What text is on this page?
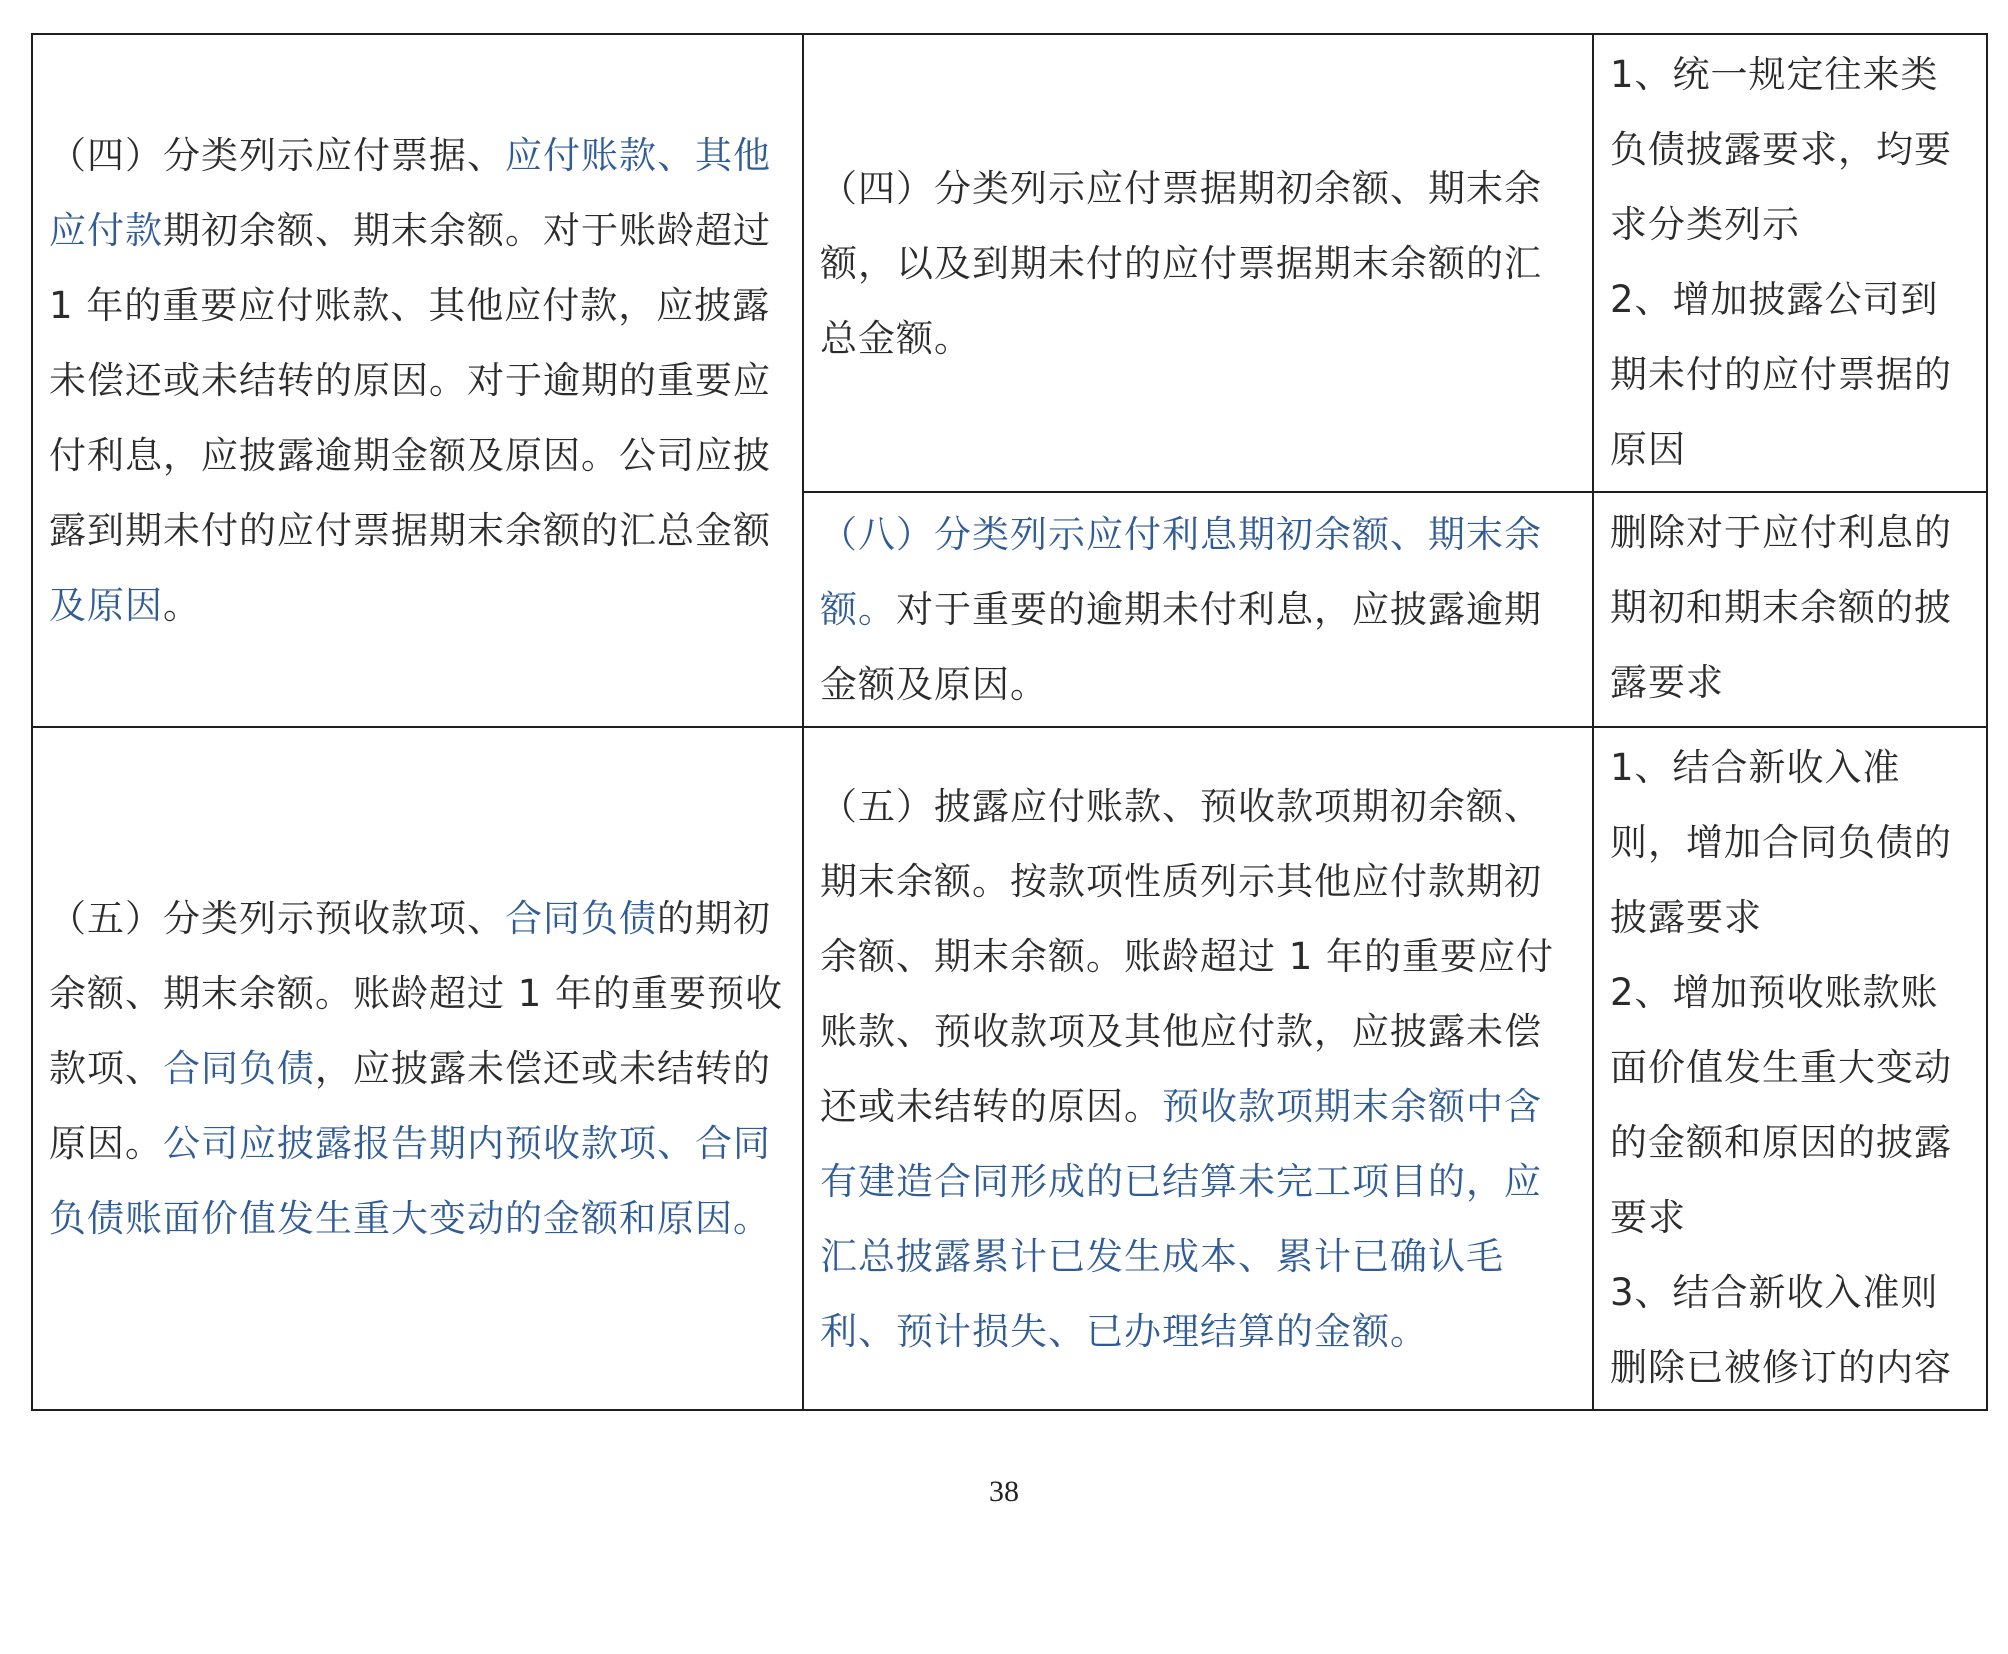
（四）分类列示应付票据、应付账款、其他应付款期初余额、期末余额。对于账龄超过 1 年的重要应付账款、其他应付款，应披露未偿还或未结转的原因。对于逾期的重要应付利息，应披露逾期金额及原因。公司应披露到期未付的应付票据期末余额的汇总金额及原因。	（四）分类列示应付票据期初余额、期末余额，以及到期未付的应付票据期末余额的汇总金额。	1、统一规定往来类负债披露要求，均要求分类列示
2、增加披露公司到期未付的应付票据的原因

	（八）分类列示应付利息期初余额、期末余额。对于重要的逾期未付利息，应披露逾期金额及原因。	删除对于应付利息的期初和期末余额的披露要求

（五）分类列示预收款项、合同负债的期初余额、期末余额。账龄超过 1 年的重要预收款项、合同负债，应披露未偿还或未结转的原因。公司应披露报告期内预收款项、合同负债账面价值发生重大变动的金额和原因。	（五）披露应付账款、预收款项期初余额、期末余额。按款项性质列示其他应付款期初余额、期末余额。账龄超过 1 年的重要应付账款、预收款项及其他应付款，应披露未偿还或未结转的原因。预收款项期末余额中含有建造合同形成的已结算未完工项目的，应汇总披露累计已发生成本、累计已确认毛利、预计损失、已办理结算的金额。	1、结合新收入准则，增加合同负债的披露要求
2、增加预收账款账面价值发生重大变动的金额和原因的披露要求
3、结合新收入准则删除已被修订的内容
38
